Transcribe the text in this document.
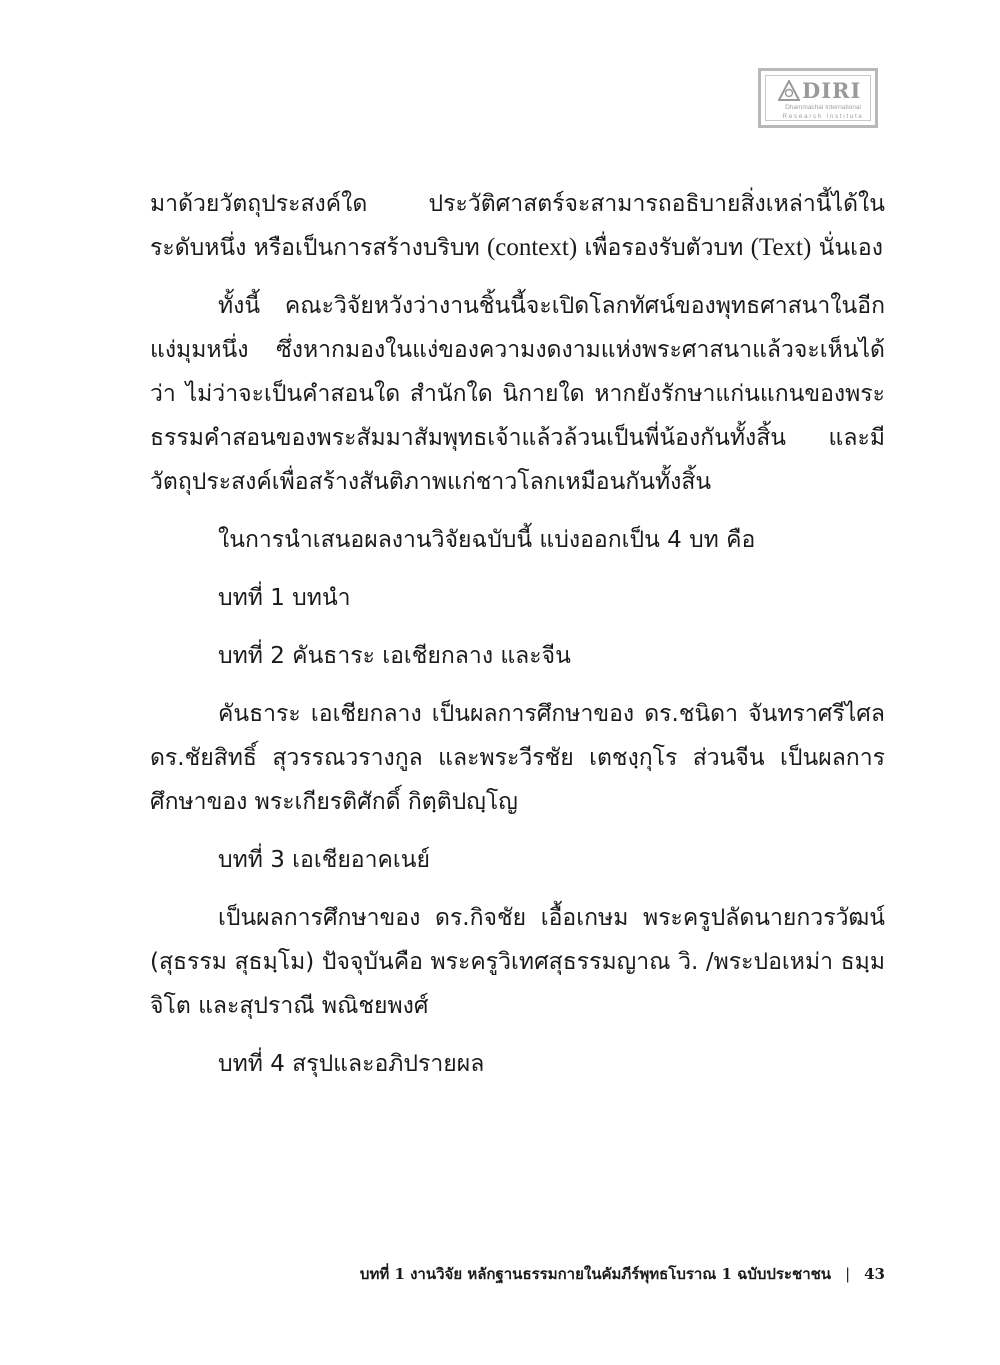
DIRI
Dhammachai International
Research Institute

มาด้วยวัตถุประสงค์ใด ประวัติศาสตร์จะสามารถอธิบายสิ่งเหล่านี้ได้ในระดับหนึ่ง หรือเป็นการสร้างบริบท (context) เพื่อรองรับตัวบท (Text) นั่นเอง

ทั้งนี้ คณะวิจัยหวังว่างานชิ้นนี้จะเปิดโลกทัศน์ของพุทธศาสนาในอีกแง่มุมหนึ่ง ซึ่งหากมองในแง่ของความงดงามแห่งพระศาสนาแล้วจะเห็นได้ว่า ไม่ว่าจะเป็นคำสอนใด สำนักใด นิกายใด หากยังรักษาแก่นแกนของพระธรรมคำสอนของพระสัมมาสัมพุทธเจ้าแล้วล้วนเป็นพี่น้องกันทั้งสิ้น และมีวัตถุประสงค์เพื่อสร้างสันติภาพแก่ชาวโลกเหมือนกันทั้งสิ้น

ในการนำเสนอผลงานวิจัยฉบับนี้ แบ่งออกเป็น 4 บท คือ

บทที่ 1 บทนำ

บทที่ 2 คันธาระ เอเชียกลาง และจีน

คันธาระ เอเชียกลาง เป็นผลการศึกษาของ ดร.ชนิดา จันทราศรีไศล ดร.ชัยสิทธิ์ สุวรรณวรางกูล และพระวีรชัย เตชงฺกุโร ส่วนจีน เป็นผลการศึกษาของ พระเกียรติศักดิ์ กิตฺติปญฺโญ

บทที่ 3 เอเชียอาคเนย์

เป็นผลการศึกษาของ ดร.กิจชัย เอื้อเกษม พระครูปลัดนายกวรวัฒน์ (สุธรรม สุธมฺโม) ปัจจุบันคือ พระครูวิเทศสุธรรมญาณ วิ. /พระปอเหม่า ธมฺมจิโต และสุปราณี พณิชยพงศ์

บทที่ 4 สรุปและอภิปรายผล

บทที่ 1 งานวิจัย หลักฐานธรรมกายในคัมภีร์พุทธโบราณ 1 ฉบับประชาชน | 43
